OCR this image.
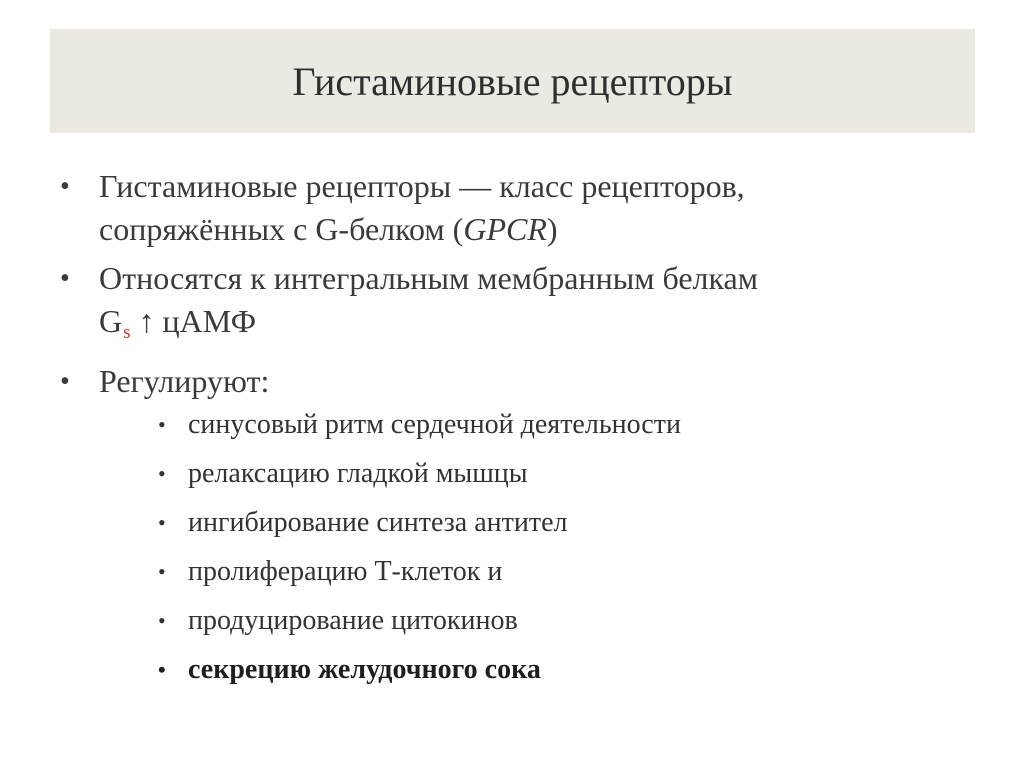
Гистаминовые рецепторы
• Гистаминовые рецепторы — класс рецепторов,
сопряжённых с G-белком (GPCR)
• Относятся к интегральным мембранным белкам
$G_s$ ↑ цАМФ
• Регулируют:
• синусовый ритм сердечной деятельности
• релаксацию гладкой мышцы
• ингибирование синтеза антител
• пролиферацию Т-клеток и
• продуцирование цитокинов
• секрецию желудочного сока
